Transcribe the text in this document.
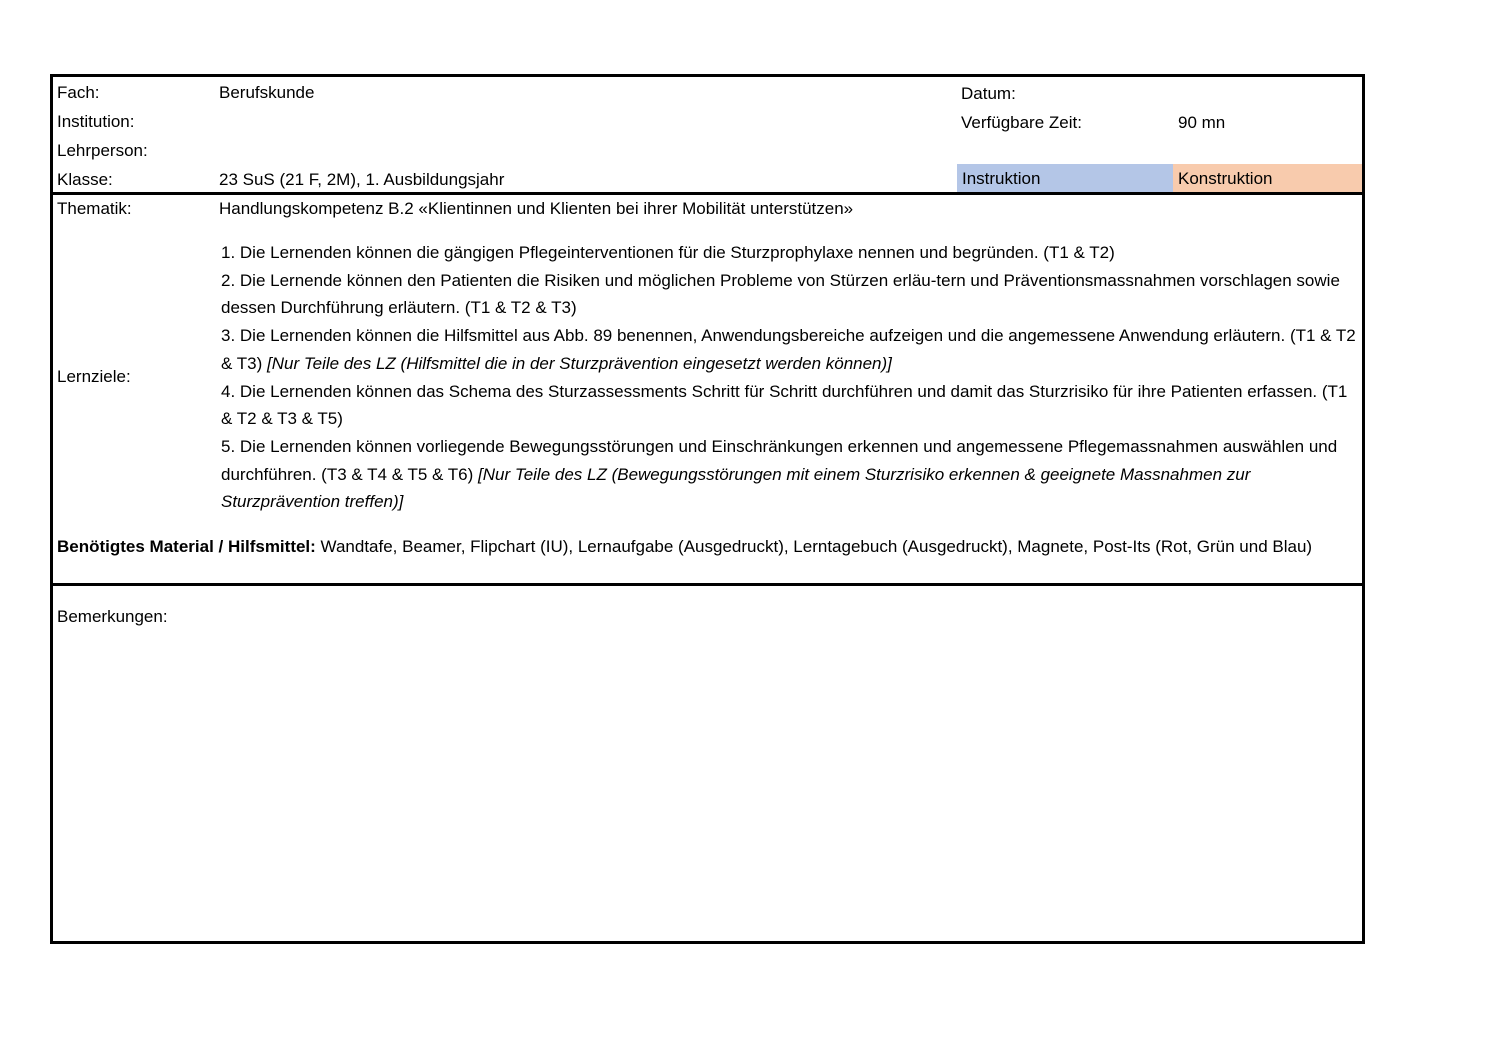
Fach:	Berufskunde
Institution:
Lehrperson:
Klasse:	23 SuS (21 F, 2M), 1. Ausbildungsjahr
Datum:
Verfügbare Zeit:	90 mn
Instruktion	Konstruktion
Thematik:	Handlungskompetenz B.2 «Klientinnen und Klienten bei ihrer Mobilität unterstützen»
Lernziele:
1. Die Lernenden können die gängigen Pflegeinterventionen für die Sturzprophylaxe nennen und begründen. (T1 & T2)
2. Die Lernende können den Patienten die Risiken und möglichen Probleme von Stürzen erläu-tern und Präventionsmassnahmen vorschlagen sowie dessen Durchführung erläutern. (T1 & T2 & T3)
3. Die Lernenden können die Hilfsmittel aus Abb. 89 benennen, Anwendungsbereiche aufzeigen und die angemessene Anwendung erläutern. (T1 & T2 & T3) [Nur Teile des LZ (Hilfsmittel die in der Sturzprävention eingesetzt werden können)]
4. Die Lernenden können das Schema des Sturzassessments Schritt für Schritt durchführen und damit das Sturzrisiko für ihre Patienten erfassen. (T1 & T2 & T3 & T5)
5. Die Lernenden können vorliegende Bewegungsstörungen und Einschränkungen erkennen und angemessene Pflegemassnahmen auswählen und durchführen. (T3 & T4 & T5 & T6) [Nur Teile des LZ (Bewegungsstörungen mit einem Sturzrisiko erkennen & geeignete Massnahmen zur Sturzprävention treffen)]
Benötigtes Material / Hilfsmittel: Wandtafe, Beamer, Flipchart (IU), Lernaufgabe (Ausgedruckt), Lerntagebuch (Ausgedruckt), Magnete, Post-Its (Rot, Grün und Blau)
Bemerkungen:
